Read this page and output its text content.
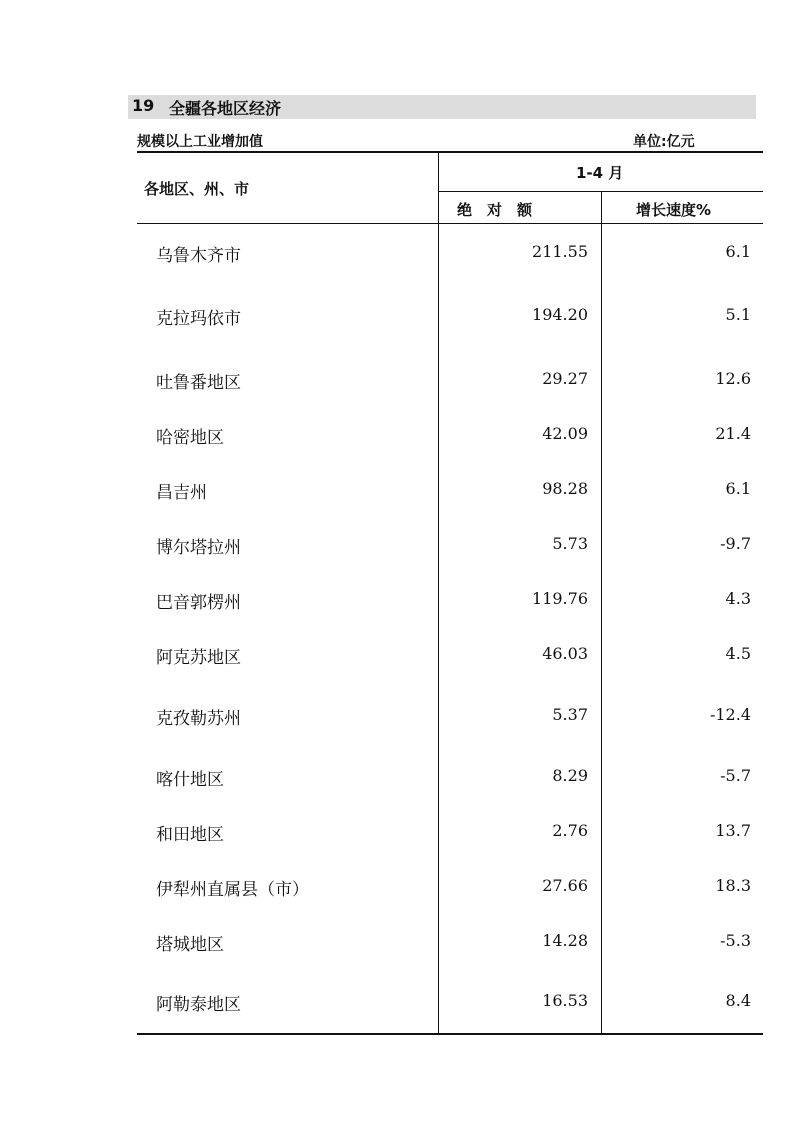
19 全疆各地区经济
规模以上工业增加值	单位:亿元
各地区、州、市
1-4 月
绝　对　额	增长速度%
乌鲁木齐市	211.55	6.1
克拉玛依市	194.20	5.1
吐鲁番地区	29.27	12.6
哈密地区	42.09	21.4
昌吉州	98.28	6.1
博尔塔拉州	5.73	-9.7
巴音郭楞州	119.76	4.3
阿克苏地区	46.03	4.5
克孜勒苏州	5.37	-12.4
喀什地区	8.29	-5.7
和田地区	2.76	13.7
伊犁州直属县（市）	27.66	18.3
塔城地区	14.28	-5.3
阿勒泰地区	16.53	8.4
